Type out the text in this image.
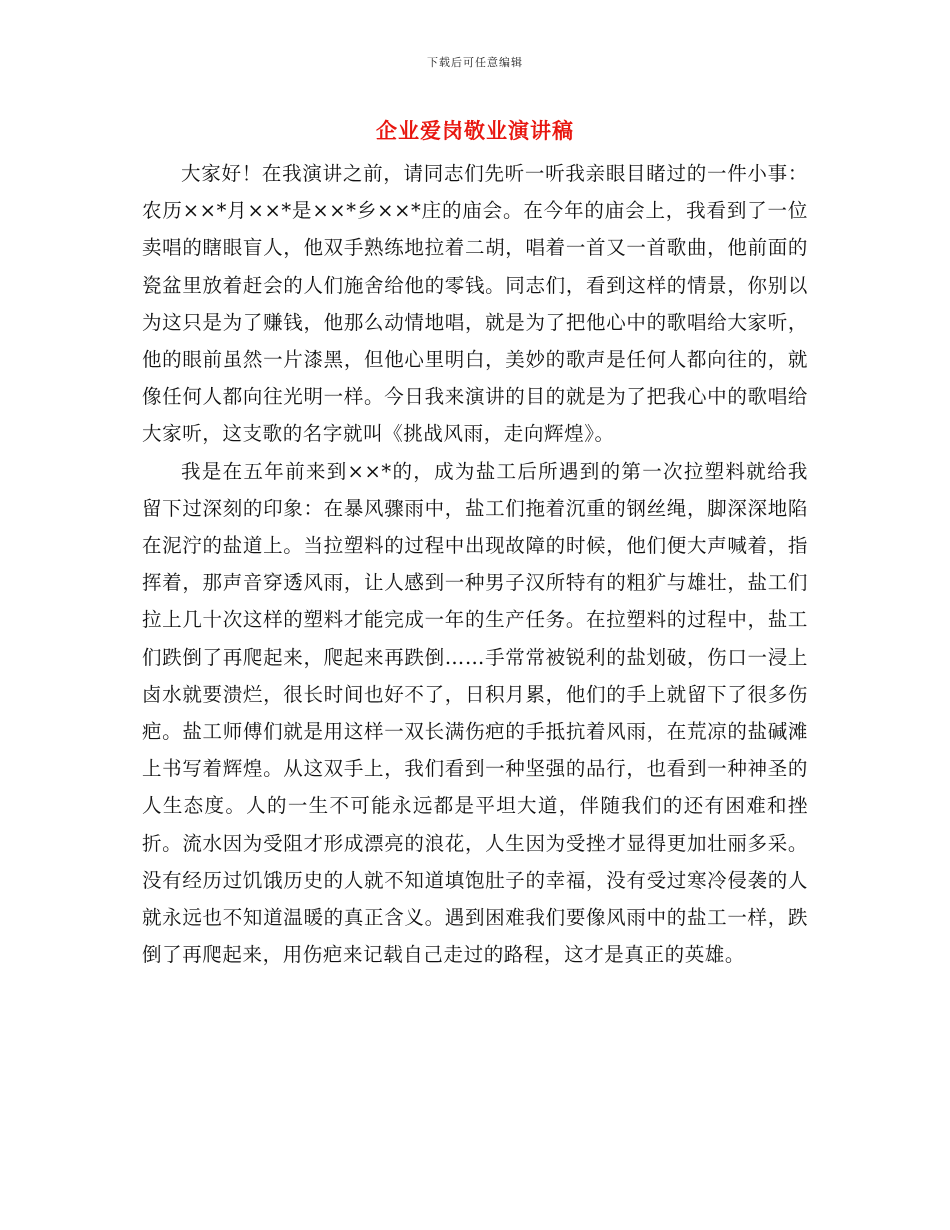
下载后可任意编辑
企业爱岗敬业演讲稿

大家好！在我演讲之前，请同志们先听一听我亲眼目睹过的一件小事：农历××*月××*是××*乡××*庄的庙会。在今年的庙会上，我看到了一位卖唱的瞎眼盲人，他双手熟练地拉着二胡，唱着一首又一首歌曲，他前面的瓷盆里放着赶会的人们施舍给他的零钱。同志们，看到这样的情景，你别以为这只是为了赚钱，他那么动情地唱，就是为了把他心中的歌唱给大家听，他的眼前虽然一片漆黑，但他心里明白，美妙的歌声是任何人都向往的，就像任何人都向往光明一样。今日我来演讲的目的就是为了把我心中的歌唱给大家听，这支歌的名字就叫《挑战风雨，走向辉煌》。

我是在五年前来到××*的，成为盐工后所遇到的第一次拉塑料就给我留下过深刻的印象：在暴风骤雨中，盐工们拖着沉重的钢丝绳，脚深深地陷在泥泞的盐道上。当拉塑料的过程中出现故障的时候，他们便大声喊着，指挥着，那声音穿透风雨，让人感到一种男子汉所特有的粗犷与雄壮，盐工们拉上几十次这样的塑料才能完成一年的生产任务。在拉塑料的过程中，盐工们跌倒了再爬起来，爬起来再跌倒……手常常被锐利的盐划破，伤口一浸上卤水就要溃烂，很长时间也好不了，日积月累，他们的手上就留下了很多伤疤。盐工师傅们就是用这样一双长满伤疤的手抵抗着风雨，在荒凉的盐碱滩上书写着辉煌。从这双手上，我们看到一种坚强的品行，也看到一种神圣的人生态度。人的一生不可能永远都是平坦大道，伴随我们的还有困难和挫折。流水因为受阻才形成漂亮的浪花，人生因为受挫才显得更加壮丽多采。没有经历过饥饿历史的人就不知道填饱肚子的幸福，没有受过寒冷侵袭的人就永远也不知道温暖的真正含义。遇到困难我们要像风雨中的盐工一样，跌倒了再爬起来，用伤疤来记载自己走过的路程，这才是真正的英雄。
